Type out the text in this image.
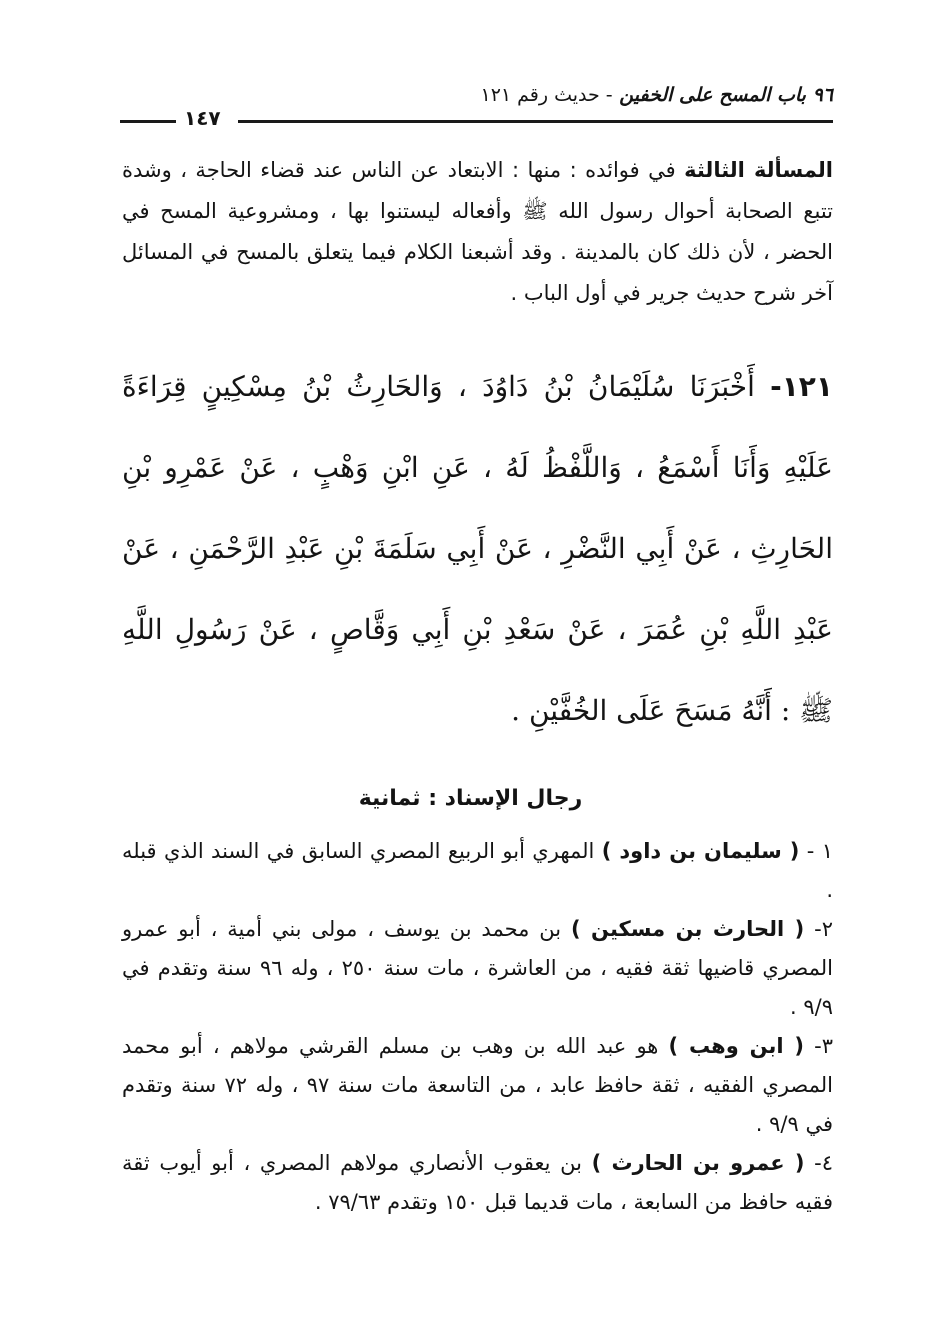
١٤٧
٩٦ باب المسح على الخفين - حديث رقم ١٢١

المسألة الثالثة في فوائده : منها : الابتعاد عن الناس عند قضاء الحاجة ، وشدة تتبع الصحابة أحوال رسول الله ﷺ وأفعاله ليستنوا بها ، ومشروعية المسح في الحضر ، لأن ذلك كان بالمدينة . وقد أشبعنا الكلام فيما يتعلق بالمسح في المسائل آخر شرح حديث جرير في أول الباب .

١٢١- أَخْبَرَنَا سُلَيْمَانُ بْنُ دَاوُدَ ، وَالحَارِثُ بْنُ مِسْكِينٍ قِرَاءَةً عَلَيْهِ وَأَنَا أَسْمَعُ ، وَاللَّفْظُ لَهُ ، عَنِ ابْنِ وَهْبٍ ، عَنْ عَمْرِو بْنِ الحَارِثِ ، عَنْ أَبِي النَّضْرِ ، عَنْ أَبِي سَلَمَةَ بْنِ عَبْدِ الرَّحْمَنِ ، عَنْ عَبْدِ اللَّهِ بْنِ عُمَرَ ، عَنْ سَعْدِ بْنِ أَبِي وَقَّاصٍ ، عَنْ رَسُولِ اللَّهِ ﷺ : أَنَّهُ مَسَحَ عَلَى الخُفَّيْنِ .

رجال الإسناد : ثمانية

١ - ( سليمان بن داود ) المهري أبو الربيع المصري السابق في السند الذي قبله .

٢- ( الحارث بن مسكين ) بن محمد بن يوسف ، مولى بني أمية ، أبو عمرو المصري قاضيها ثقة فقيه ، من العاشرة ، مات سنة ٢٥٠ ، وله ٩٦ سنة وتقدم في ٩/٩ .

٣- ( ابن وهب ) هو عبد الله بن وهب بن مسلم القرشي مولاهم ، أبو محمد المصري الفقيه ، ثقة حافظ عابد ، من التاسعة مات سنة ٩٧ ، وله ٧٢ سنة وتقدم في ٩/٩ .

٤- ( عمرو بن الحارث ) بن يعقوب الأنصاري مولاهم المصري ، أبو أيوب ثقة فقيه حافظ من السابعة ، مات قديما قبل ١٥٠ وتقدم ٧٩/٦٣ .
